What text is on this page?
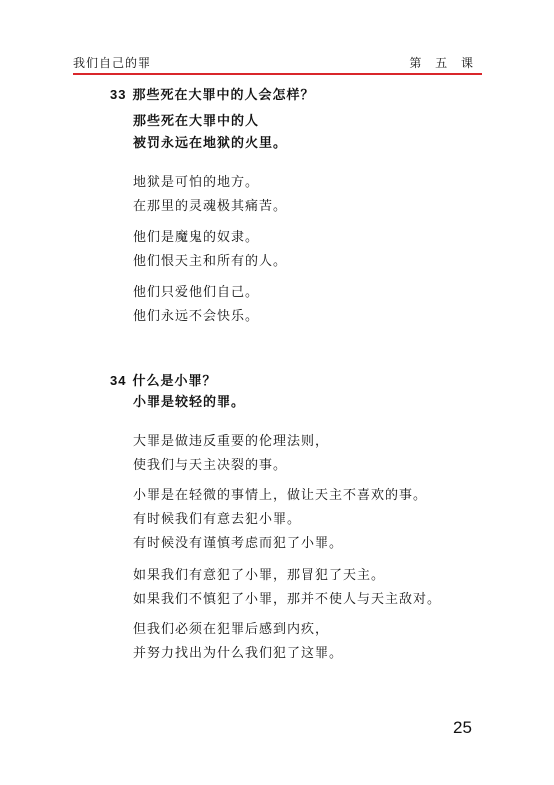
我们自己的罪	第 五 课
33 那些死在大罪中的人会怎样？
那些死在大罪中的人
被罚永远在地狱的火里。
地狱是可怕的地方。
在那里的灵魂极其痛苦。
他们是魔鬼的奴隶。
他们恨天主和所有的人。
他们只爱他们自己。
他们永远不会快乐。
34 什么是小罪？
小罪是较轻的罪。
大罪是做违反重要的伦理法则，
使我们与天主决裂的事。
小罪是在轻微的事情上，做让天主不喜欢的事。
有时候我们有意去犯小罪。
有时候没有谨慎考虑而犯了小罪。
如果我们有意犯了小罪，那冒犯了天主。
如果我们不慎犯了小罪，那并不使人与天主敌对。
但我们必须在犯罪后感到内疚，
并努力找出为什么我们犯了这罪。
25
